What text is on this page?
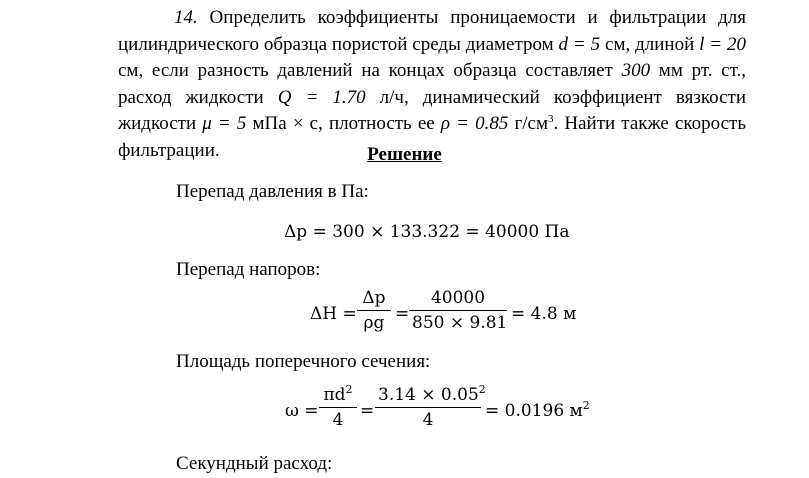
14. Определить коэффициенты проницаемости и фильтрации для цилиндрического образца пористой среды диаметром d = 5 см, длиной l = 20 см, если разность давлений на концах образца составляет 300 мм рт. ст., расход жидкости Q = 1.70 л/ч, динамический коэффициент вязкости жидкости μ = 5 мПа × с, плотность ее ρ = 0.85 $г/см^3$. Найти также скорость фильтрации.	Решение
Перепад давления в Па:
Δp = 300 × 133.322 = 40000 Па
Перепад напоров:
ΔH =
Δp
ρg =
40000
850 × 9.81 = 4.8 м
Площадь поперечного сечения:
ω =
$\pi d^2$
4 =
$3.14 \times 0.05^2$
4	= 0.0196 $м^2$
Секундный расход:
